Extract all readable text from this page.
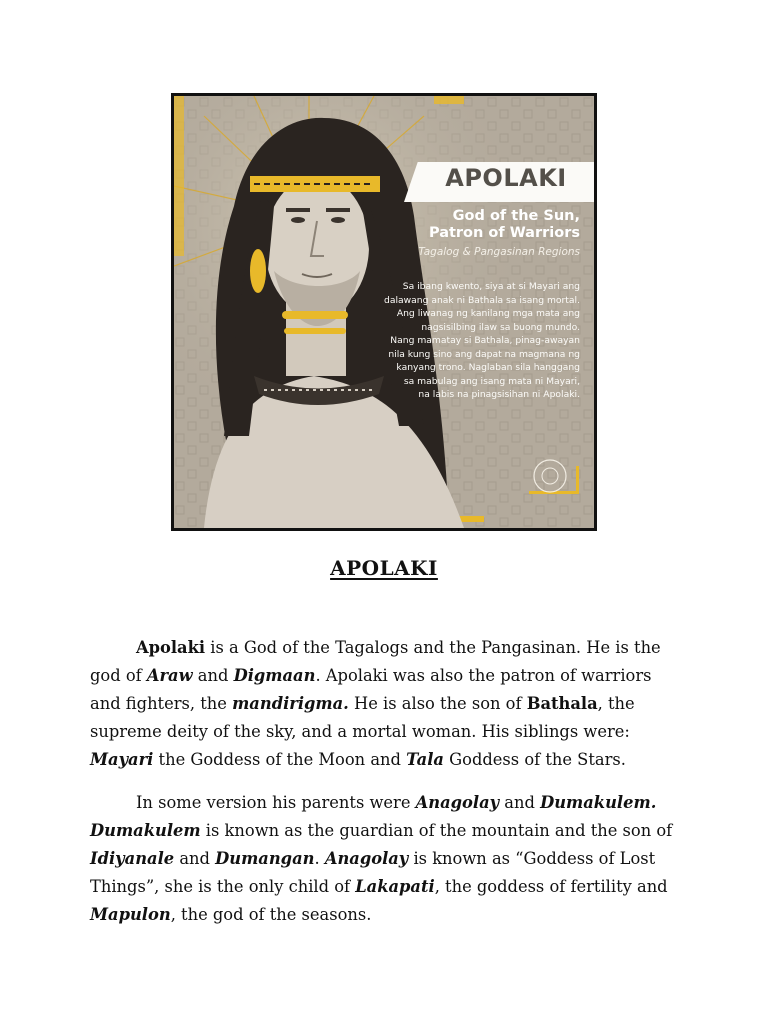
APOLAKI
God of the Sun,
Patron of Warriors
Tagalog & Pangasinan Regions
Sa ibang kwento, siya at si Mayari ang
dalawang anak ni Bathala sa isang mortal.
Ang liwanag ng kanilang mga mata ang
nagsisilbing ilaw sa buong mundo.
Nang mamatay si Bathala, pinag-awayan
nila kung sino ang dapat na magmana ng
kanyang trono. Naglaban sila hanggang
sa mabulag ang isang mata ni Mayari,
na labis na pinagsisihan ni Apolaki.
APOLAKI

Apolaki is a God of the Tagalogs and the Pangasinan. He is the god of Araw and Digmaan. Apolaki was also the patron of warriors and fighters, the mandirigma. He is also the son of Bathala, the supreme deity of the sky, and a mortal woman. His siblings were: Mayari the Goddess of the Moon and Tala Goddess of the Stars.

In some version his parents were Anagolay and Dumakulem. Dumakulem is known as the guardian of the mountain and the son of Idiyanale and Dumangan. Anagolay is known as “Goddess of Lost Things”, she is the only child of Lakapati, the goddess of fertility and Mapulon, the god of the seasons.
